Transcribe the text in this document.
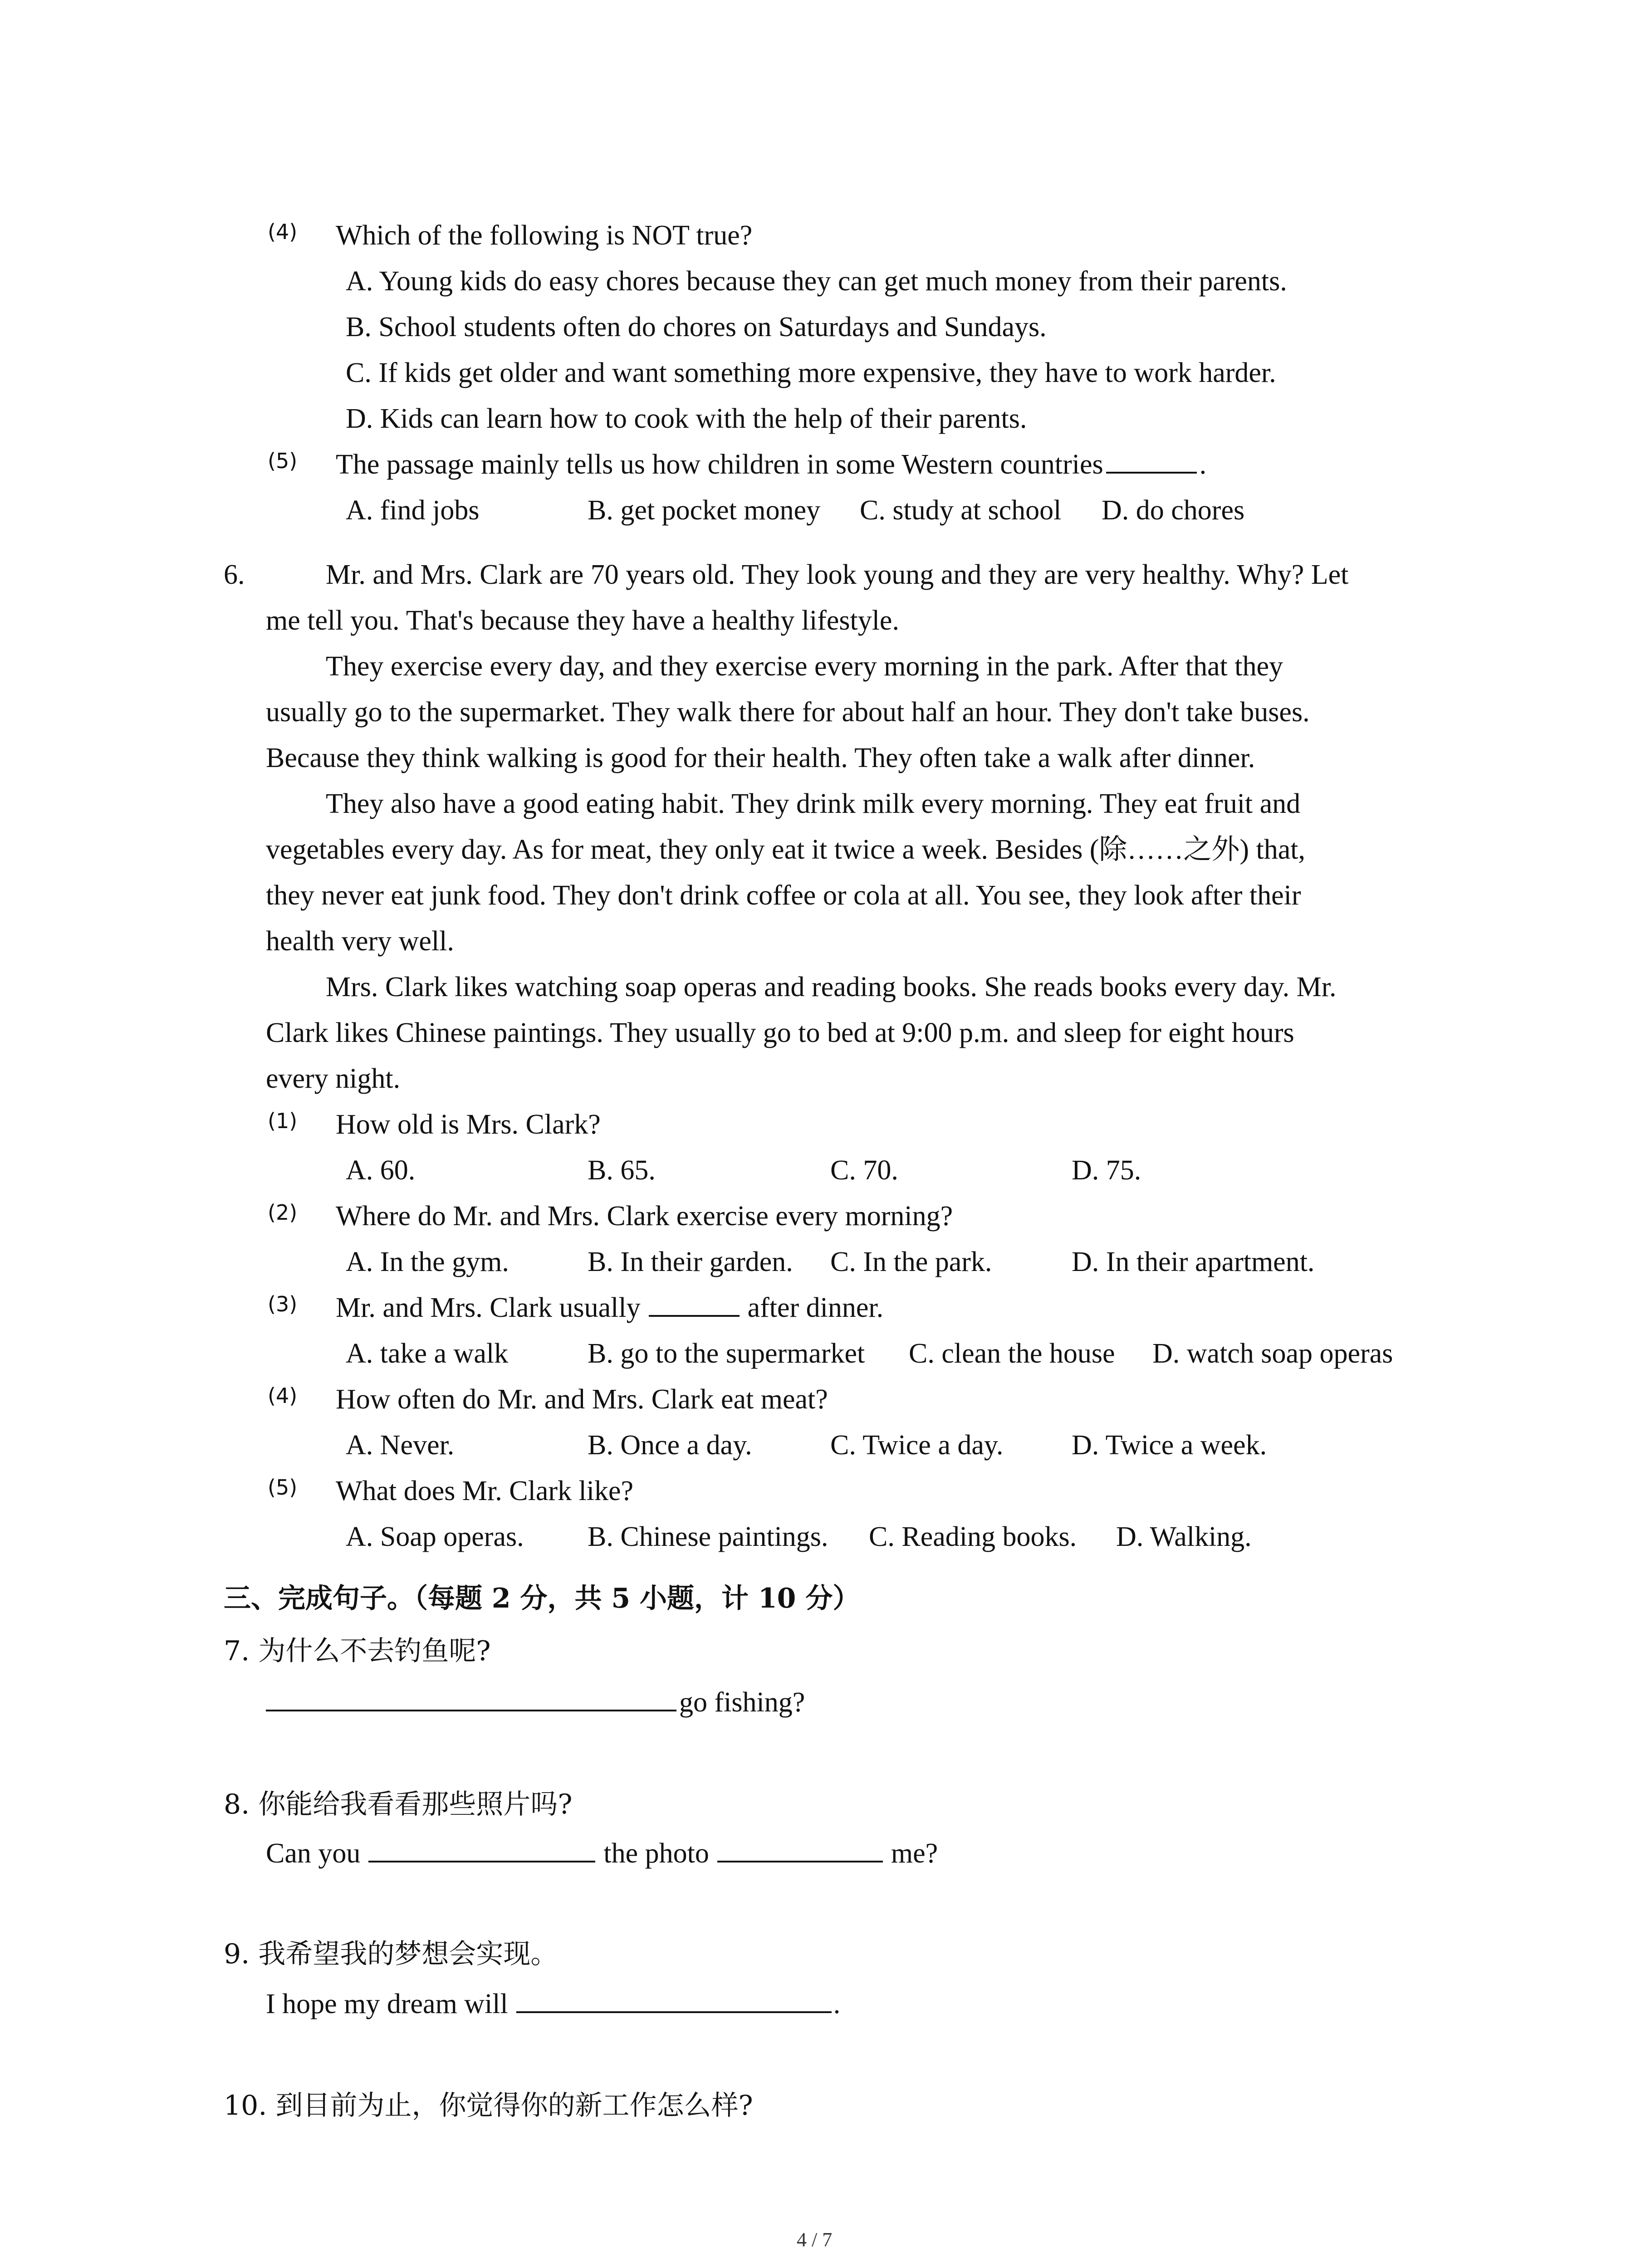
(4) Which of the following is NOT true?
A. Young kids do easy chores because they can get much money from their parents.
B. School students often do chores on Saturdays and Sundays.
C. If kids get older and want something more expensive, they have to work harder.
D. Kids can learn how to cook with the help of their parents.
(5) The passage mainly tells us how children in some Western countries	.
A. find jobs	B. get pocket money C. study at school D. do chores
6.	Mr. and Mrs. Clark are 70 years old. They look young and they are very healthy. Why? Let
me tell you. That's because they have a healthy lifestyle.
They exercise every day, and they exercise every morning in the park. After that they
usually go to the supermarket. They walk there for about half an hour. They don't take buses.
Because they think walking is good for their health. They often take a walk after dinner.
They also have a good eating habit. They drink milk every morning. They eat fruit and
vegetables every day. As for meat, they only eat it twice a week. Besides (除……之外) that,
they never eat junk food. They don't drink coffee or cola at all. You see, they look after their
health very well.
Mrs. Clark likes watching soap operas and reading books. She reads books every day. Mr.
Clark likes Chinese paintings. They usually go to bed at 9:00 p.m. and sleep for eight hours
every night.
(1) How old is Mrs. Clark?
A. 60.	B. 65.	C. 70.	D. 75.
(2) Where do Mr. and Mrs. Clark exercise every morning?
A. In the gym.	B. In their garden. C. In the park.	D. In their apartment.
(3) Mr. and Mrs. Clark usually	after dinner.
A. take a walk	B. go to the supermarket C. clean the house D. watch soap operas
(4) How often do Mr. and Mrs. Clark eat meat?
A. Never.	B. Once a day.	C. Twice a day. D. Twice a week.
(5) What does Mr. Clark like?
A. Soap operas. B. Chinese paintings. C. Reading books. D. Walking.
三、完成句子。（每题 2 分，共 5 小题，计 10 分）
7. 为什么不去钓鱼呢?
go fishing?
8. 你能给我看看那些照片吗?
Can you	the photo	me?
9. 我希望我的梦想会实现。
I hope my dream will	.
10. 到目前为止，你觉得你的新工作怎么样?
4 / 7
